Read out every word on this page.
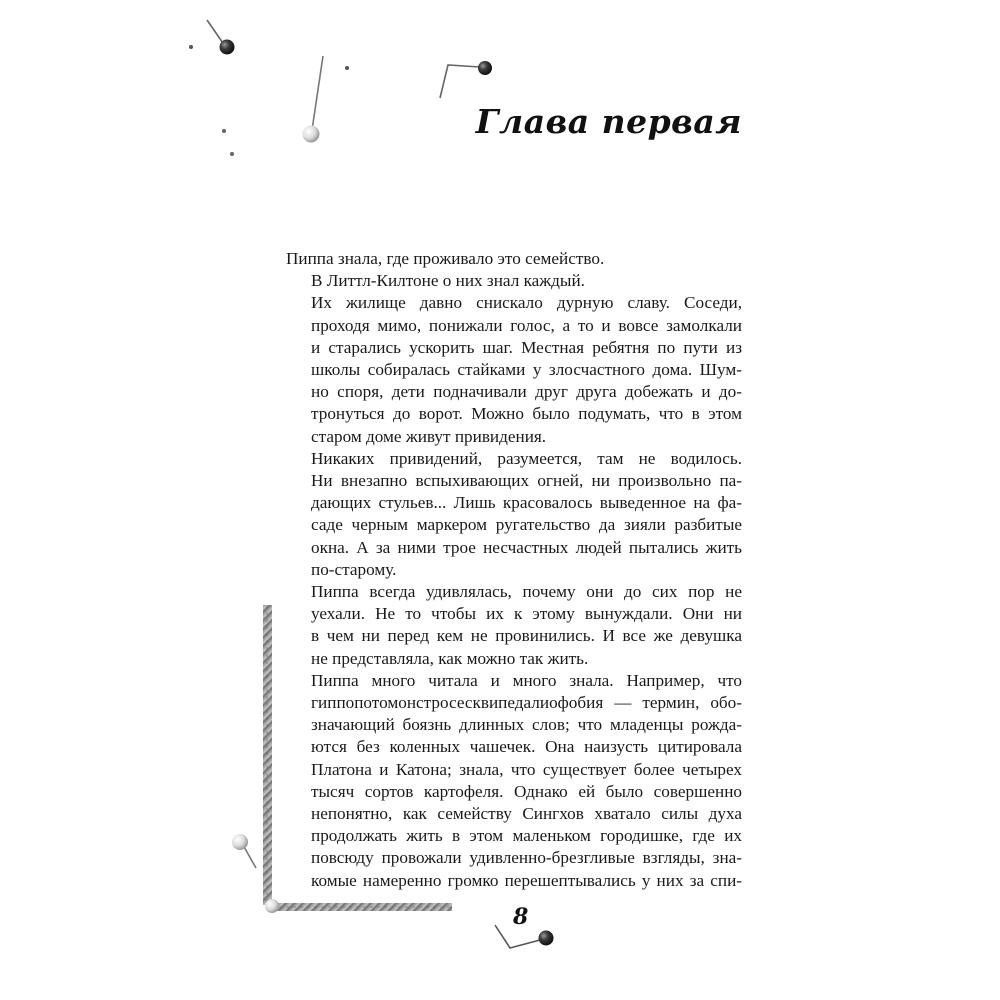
Глава первая

Пиппа знала, где проживало это семейство.

В Литтл-Килтоне о них знал каждый.

Их жилище давно снискало дурную славу. Соседи,
проходя мимо, понижали голос, а то и вовсе замолкали
и старались ускорить шаг. Местная ребятня по пути из
школы собиралась стайками у злосчастного дома. Шум-
но споря, дети подначивали друг друга добежать и до-
тронуться до ворот. Можно было подумать, что в этом
старом доме живут привидения.

Никаких привидений, разумеется, там не водилось.
Ни внезапно вспыхивающих огней, ни произвольно па-
дающих стульев... Лишь красовалось выведенное на фа-
саде черным маркером ругательство да зияли разбитые
окна. А за ними трое несчастных людей пытались жить
по-старому.

Пиппа всегда удивлялась, почему они до сих пор не
уехали. Не то чтобы их к этому вынуждали. Они ни
в чем ни перед кем не провинились. И все же девушка
не представляла, как можно так жить.

Пиппа много читала и много знала. Например, что
гиппопотомонстросесквипедалиофобия — термин, обо-
значающий боязнь длинных слов; что младенцы рожда-
ются без коленных чашечек. Она наизусть цитировала
Платона и Катона; знала, что существует более четырех
тысяч сортов картофеля. Однако ей было совершенно
непонятно, как семейству Сингхов хватало силы духа
продолжать жить в этом маленьком городишке, где их
повсюду провожали удивленно-брезгливые взгляды, зна-
комые намеренно громко перешептывались у них за спи-

8
